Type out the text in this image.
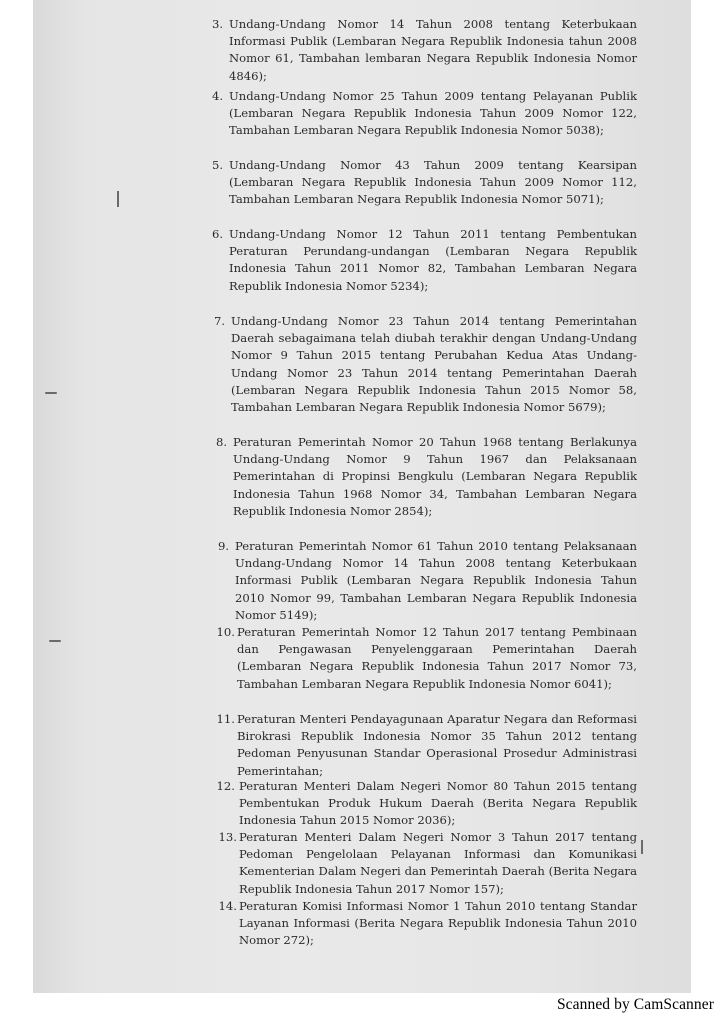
3. Undang-Undang Nomor 14 Tahun 2008 tentang Keterbukaan Informasi Publik (Lembaran Negara Republik Indonesia tahun 2008 Nomor 61, Tambahan lembaran Negara Republik Indonesia Nomor 4846);
4. Undang-Undang Nomor 25 Tahun 2009 tentang Pelayanan Publik (Lembaran Negara Republik Indonesia Tahun 2009 Nomor 122, Tambahan Lembaran Negara Republik Indonesia Nomor 5038);
5. Undang-Undang Nomor 43 Tahun 2009 tentang Kearsipan (Lembaran Negara Republik Indonesia Tahun 2009 Nomor 112, Tambahan Lembaran Negara Republik Indonesia Nomor 5071);
6. Undang-Undang Nomor 12 Tahun 2011 tentang Pembentukan Peraturan Perundang-undangan (Lembaran Negara Republik Indonesia Tahun 2011 Nomor 82, Tambahan Lembaran Negara Republik Indonesia Nomor 5234);
7. Undang-Undang Nomor 23 Tahun 2014 tentang Pemerintahan Daerah sebagaimana telah diubah terakhir dengan Undang-Undang Nomor 9 Tahun 2015 tentang Perubahan Kedua Atas Undang-Undang Nomor 23 Tahun 2014 tentang Pemerintahan Daerah (Lembaran Negara Republik Indonesia Tahun 2015 Nomor 58, Tambahan Lembaran Negara Republik Indonesia Nomor 5679);
8. Peraturan Pemerintah Nomor 20 Tahun 1968 tentang Berlakunya Undang-Undang Nomor 9 Tahun 1967 dan Pelaksanaan Pemerintahan di Propinsi Bengkulu (Lembaran Negara Republik Indonesia Tahun 1968 Nomor 34, Tambahan Lembaran Negara Republik Indonesia Nomor 2854);
9. Peraturan Pemerintah Nomor 61 Tahun 2010 tentang Pelaksanaan Undang-Undang Nomor 14 Tahun 2008 tentang Keterbukaan Informasi Publik (Lembaran Negara Republik Indonesia Tahun 2010 Nomor 99, Tambahan Lembaran Negara Republik Indonesia Nomor 5149);
10. Peraturan Pemerintah Nomor 12 Tahun 2017 tentang Pembinaan dan Pengawasan Penyelenggaraan Pemerintahan Daerah (Lembaran Negara Republik Indonesia Tahun 2017 Nomor 73, Tambahan Lembaran Negara Republik Indonesia Nomor 6041);
11. Peraturan Menteri Pendayagunaan Aparatur Negara dan Reformasi Birokrasi Republik Indonesia Nomor 35 Tahun 2012 tentang Pedoman Penyusunan Standar Operasional Prosedur Administrasi Pemerintahan;
12. Peraturan Menteri Dalam Negeri Nomor 80 Tahun 2015 tentang Pembentukan Produk Hukum Daerah (Berita Negara Republik Indonesia Tahun 2015 Nomor 2036);
13. Peraturan Menteri Dalam Negeri Nomor 3 Tahun 2017 tentang Pedoman Pengelolaan Pelayanan Informasi dan Komunikasi Kementerian Dalam Negeri dan Pemerintah Daerah (Berita Negara Republik Indonesia Tahun 2017 Nomor 157);
14. Peraturan Komisi Informasi Nomor 1 Tahun 2010 tentang Standar Layanan Informasi (Berita Negara Republik Indonesia Tahun 2010 Nomor 272);
Scanned by CamScanner
